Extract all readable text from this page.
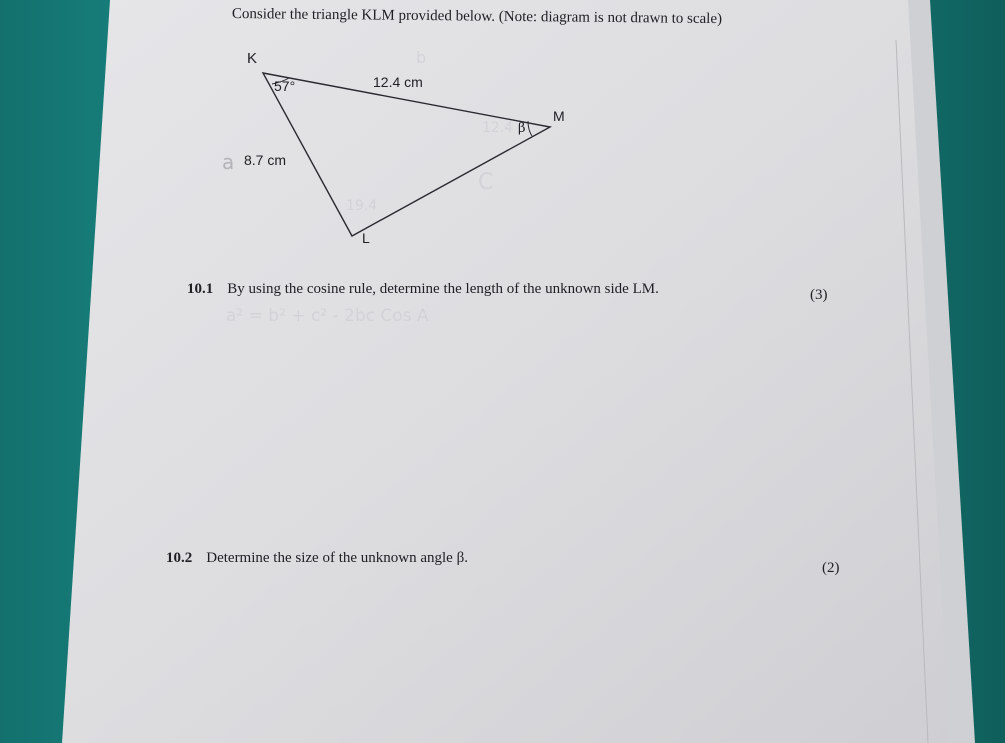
Consider the triangle KLM provided below. (Note: diagram is not drawn to scale)
K
57°	12.4 cm
M
β
8.7 cm
L
a
C
19.4
12.4
b
a² = b² + c² - 2bc Cos A
10.1 By using the cosine rule, determine the length of the unknown side LM.	(3)
10.2 Determine the size of the unknown angle β.
(2)
